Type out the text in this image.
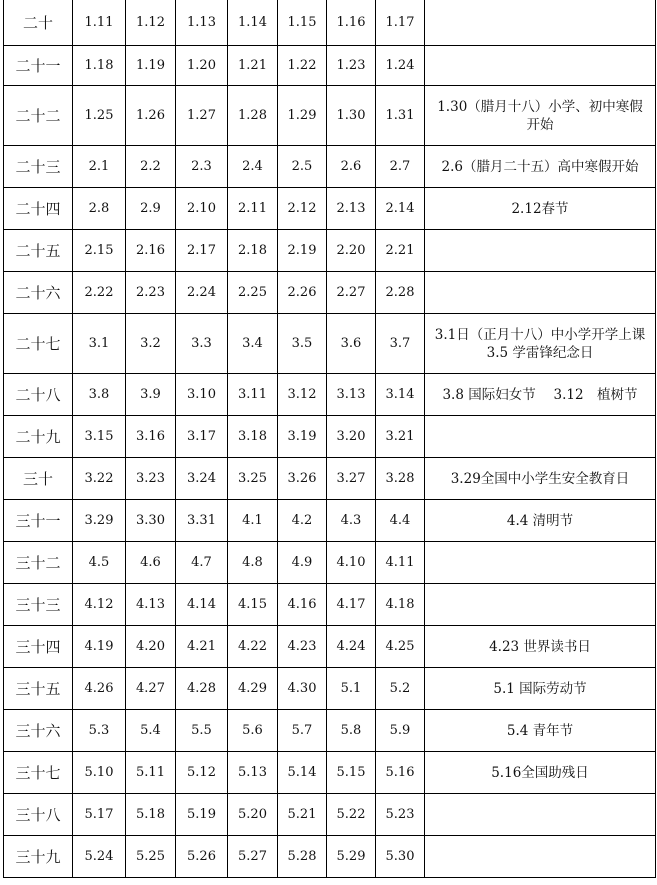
二十	1.11	1.12	1.13	1.14	1.15	1.16	1.17	
二十一	1.18	1.19	1.20	1.21	1.22	1.23	1.24	
二十二	1.25	1.26	1.27	1.28	1.29	1.30	1.31	1.30（腊月十八）小学、初中寒假
开始

二十三	2.1	2.2	2.3	2.4	2.5	2.6	2.7	2.6（腊月二十五）高中寒假开始

二十四	2.8	2.9	2.10	2.11	2.12	2.13	2.14	2.12春节

二十五	2.15	2.16	2.17	2.18	2.19	2.20	2.21	
二十六	2.22	2.23	2.24	2.25	2.26	2.27	2.28	
二十七	3.1	3.2	3.3	3.4	3.5	3.6	3.7	3.1日（正月十八）中小学开学上课
3.5 学雷锋纪念日

二十八	3.8	3.9	3.10	3.11	3.12	3.13	3.14	3.8 国际妇女节　 3.12　植树节

二十九	3.15	3.16	3.17	3.18	3.19	3.20	3.21	
三十	3.22	3.23	3.24	3.25	3.26	3.27	3.28	3.29全国中小学生安全教育日

三十一	3.29	3.30	3.31	4.1	4.2	4.3	4.4	4.4 清明节

三十二	4.5	4.6	4.7	4.8	4.9	4.10	4.11	
三十三	4.12	4.13	4.14	4.15	4.16	4.17	4.18	
三十四	4.19	4.20	4.21	4.22	4.23	4.24	4.25	4.23 世界读书日

三十五	4.26	4.27	4.28	4.29	4.30	5.1	5.2	5.1 国际劳动节

三十六	5.3	5.4	5.5	5.6	5.7	5.8	5.9	5.4 青年节

三十七	5.10	5.11	5.12	5.13	5.14	5.15	5.16	5.16全国助残日

三十八	5.17	5.18	5.19	5.20	5.21	5.22	5.23	
三十九	5.24	5.25	5.26	5.27	5.28	5.29	5.30	
